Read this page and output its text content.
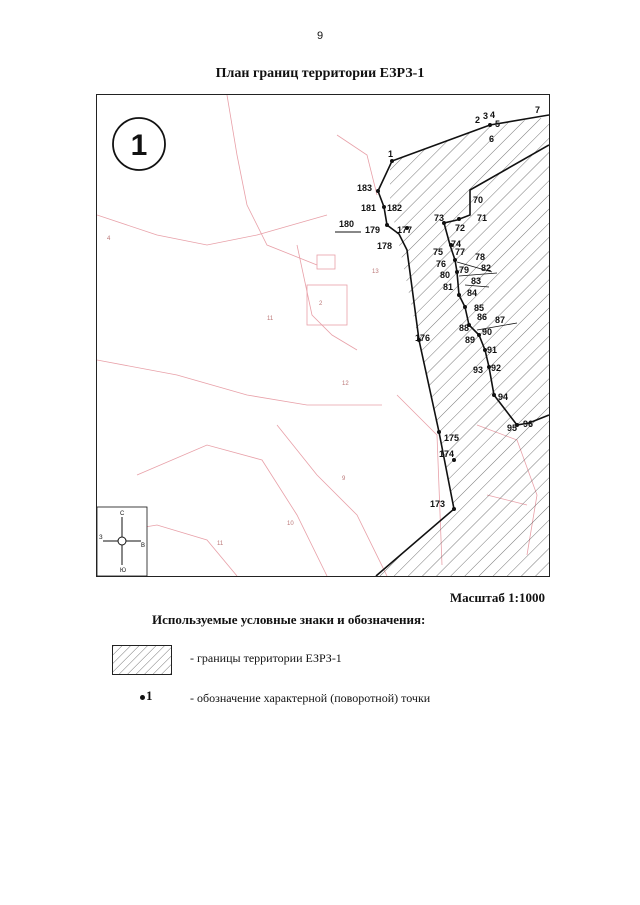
9
План границ территории ЕЗРЗ-1
11
2
9
12
10
11
13
4
1
2 3 4
5
6
7
183
181 182
180
179 177
178
70
73	71
72
74
75 77 78
76
79 82
80
83
81
84
85
86 87
88 90
89
176
91
92
93
94
95 96
175
174
173
1
С
Ю
З
В
Масштаб 1:1000
Используемые условные знаки и обозначения:
- границы территории ЕЗРЗ-1
1	- обозначение характерной (поворотной) точки
